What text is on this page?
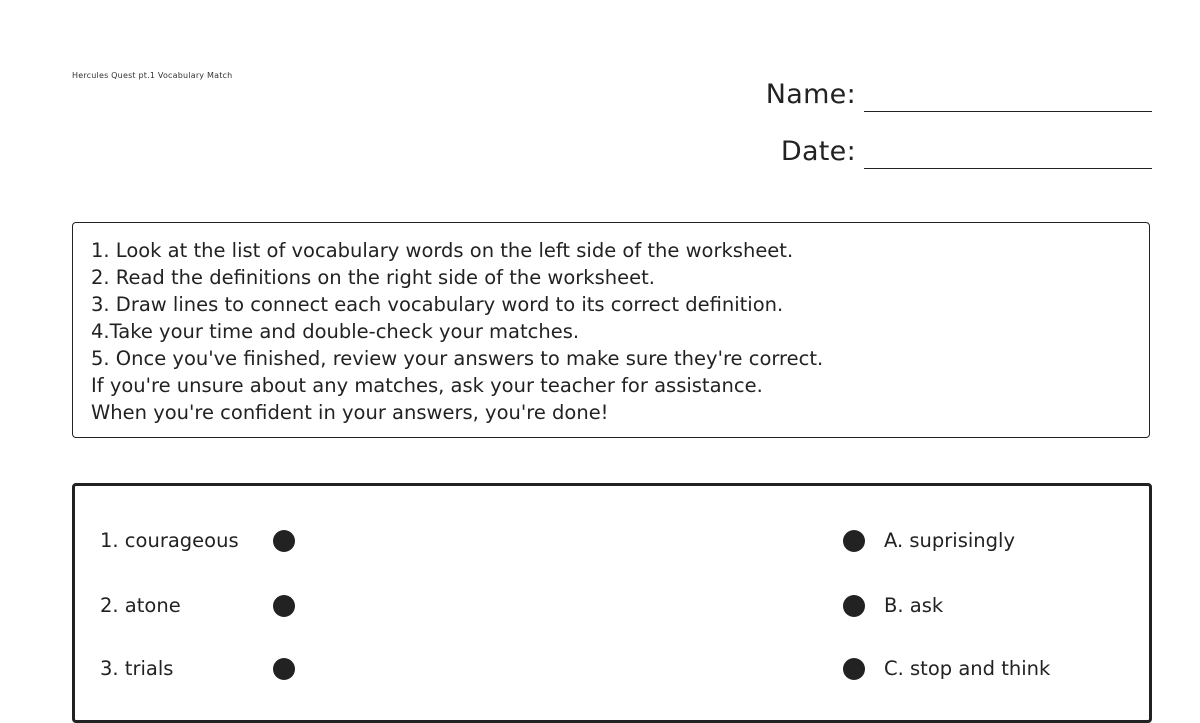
Hercules Quest pt.1 Vocabulary Match
Name:
Date:
1. Look at the list of vocabulary words on the left side of the worksheet.
2. Read the definitions on the right side of the worksheet.
3. Draw lines to connect each vocabulary word to its correct definition.
4.Take your time and double-check your matches.
5. Once you've finished, review your answers to make sure they're correct.
If you're unsure about any matches, ask your teacher for assistance.
When you're confident in your answers, you're done!
1. courageous	A. suprisingly
2. atone	B. ask
3. trials	C. stop and think
